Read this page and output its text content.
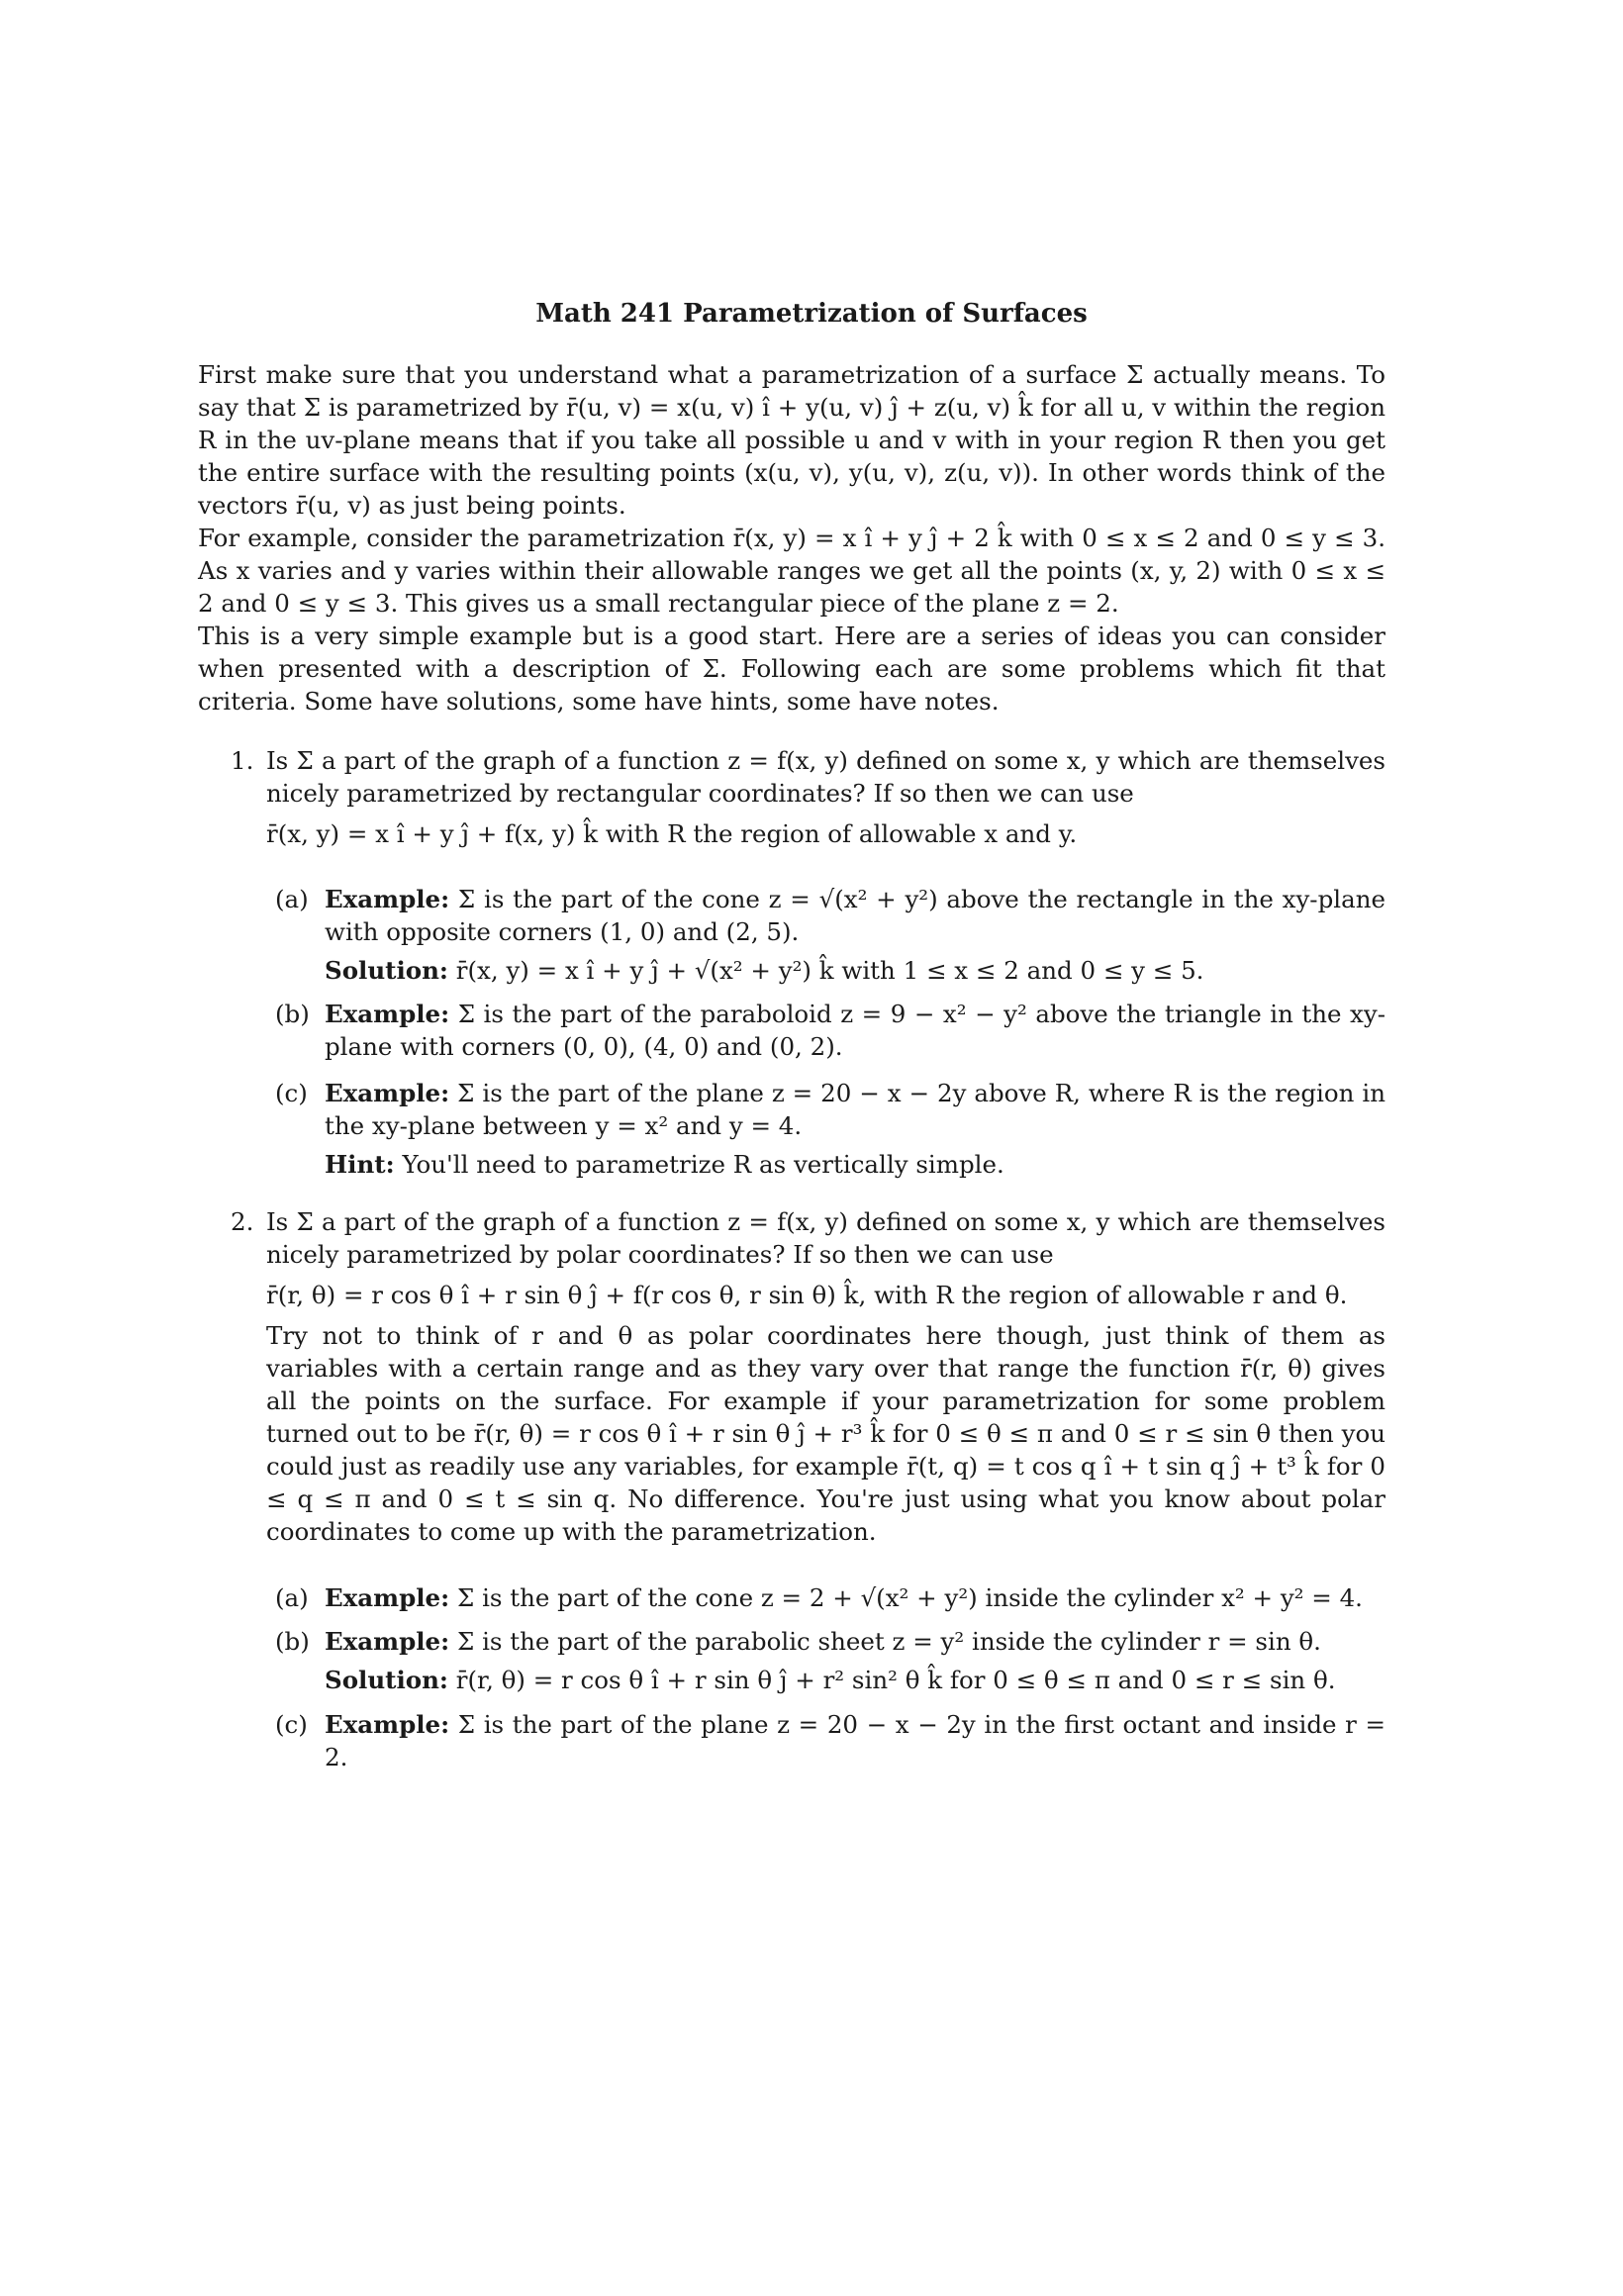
Math 241 Parametrization of Surfaces

First make sure that you understand what a parametrization of a surface Σ actually means. To say that Σ is parametrized by r̄(u, v) = x(u, v) î + y(u, v) ĵ + z(u, v) k̂ for all u, v within the region R in the uv-plane means that if you take all possible u and v with in your region R then you get the entire surface with the resulting points (x(u, v), y(u, v), z(u, v)). In other words think of the vectors r̄(u, v) as just being points.

For example, consider the parametrization r̄(x, y) = x î + y ĵ + 2 k̂ with 0 ≤ x ≤ 2 and 0 ≤ y ≤ 3. As x varies and y varies within their allowable ranges we get all the points (x, y, 2) with 0 ≤ x ≤ 2 and 0 ≤ y ≤ 3. This gives us a small rectangular piece of the plane z = 2.

This is a very simple example but is a good start. Here are a series of ideas you can consider when presented with a description of Σ. Following each are some problems which fit that criteria. Some have solutions, some have hints, some have notes.

1. Is Σ a part of the graph of a function z = f(x, y) defined on some x, y which are themselves nicely parametrized by rectangular coordinates? If so then we can use

r̄(x, y) = x î + y ĵ + f(x, y) k̂ with R the region of allowable x and y.

(a) Example: Σ is the part of the cone z = √(x² + y²) above the rectangle in the xy-plane with opposite corners (1, 0) and (2, 5).

Solution: r̄(x, y) = x î + y ĵ + √(x² + y²) k̂ with 1 ≤ x ≤ 2 and 0 ≤ y ≤ 5.

(b) Example: Σ is the part of the paraboloid z = 9 − x² − y² above the triangle in the xy-plane with corners (0, 0), (4, 0) and (0, 2).

(c) Example: Σ is the part of the plane z = 20 − x − 2y above R, where R is the region in the xy-plane between y = x² and y = 4.

Hint: You'll need to parametrize R as vertically simple.

2. Is Σ a part of the graph of a function z = f(x, y) defined on some x, y which are themselves nicely parametrized by polar coordinates? If so then we can use

r̄(r, θ) = r cos θ î + r sin θ ĵ + f(r cos θ, r sin θ) k̂, with R the region of allowable r and θ.

Try not to think of r and θ as polar coordinates here though, just think of them as variables with a certain range and as they vary over that range the function r̄(r, θ) gives all the points on the surface. For example if your parametrization for some problem turned out to be r̄(r, θ) = r cos θ î + r sin θ ĵ + r³ k̂ for 0 ≤ θ ≤ π and 0 ≤ r ≤ sin θ then you could just as readily use any variables, for example r̄(t, q) = t cos q î + t sin q ĵ + t³ k̂ for 0 ≤ q ≤ π and 0 ≤ t ≤ sin q. No difference. You're just using what you know about polar coordinates to come up with the parametrization.

(a) Example: Σ is the part of the cone z = 2 + √(x² + y²) inside the cylinder x² + y² = 4.

(b) Example: Σ is the part of the parabolic sheet z = y² inside the cylinder r = sin θ.

Solution: r̄(r, θ) = r cos θ î + r sin θ ĵ + r² sin² θ k̂ for 0 ≤ θ ≤ π and 0 ≤ r ≤ sin θ.

(c) Example: Σ is the part of the plane z = 20 − x − 2y in the first octant and inside r = 2.
